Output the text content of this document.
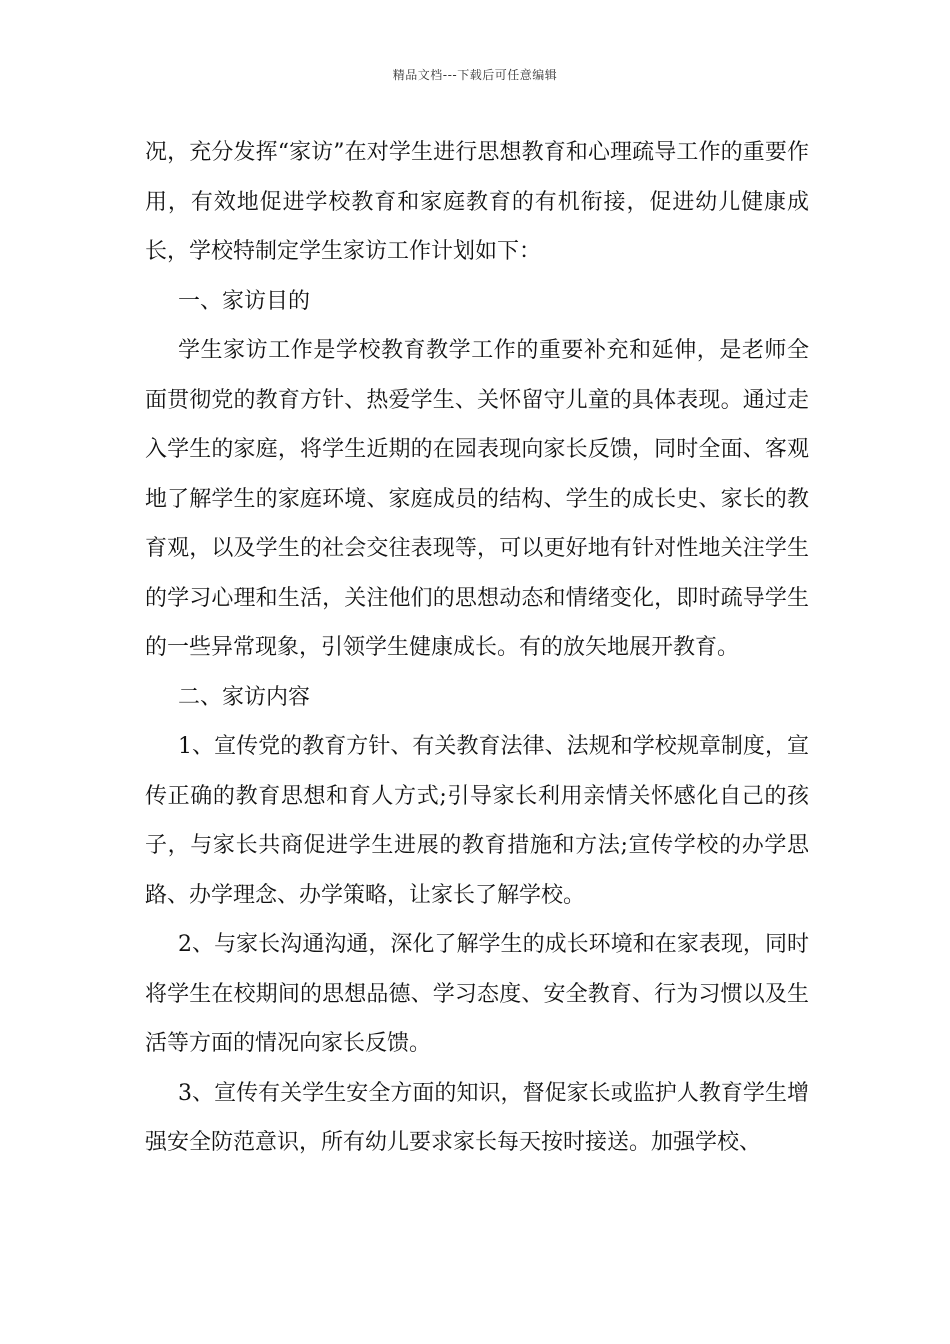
精品文档---下载后可任意编辑

况，充分发挥“家访”在对学生进行思想教育和心理疏导工作的重要作用，有效地促进学校教育和家庭教育的有机衔接，促进幼儿健康成长，学校特制定学生家访工作计划如下：

一、家访目的

学生家访工作是学校教育教学工作的重要补充和延伸，是老师全面贯彻党的教育方针、热爱学生、关怀留守儿童的具体表现。通过走入学生的家庭，将学生近期的在园表现向家长反馈，同时全面、客观地了解学生的家庭环境、家庭成员的结构、学生的成长史、家长的教育观，以及学生的社会交往表现等，可以更好地有针对性地关注学生的学习心理和生活，关注他们的思想动态和情绪变化，即时疏导学生的一些异常现象，引领学生健康成长。有的放矢地展开教育。

二、家访内容

1、宣传党的教育方针、有关教育法律、法规和学校规章制度，宣传正确的教育思想和育人方式;引导家长利用亲情关怀感化自己的孩子，与家长共商促进学生进展的教育措施和方法;宣传学校的办学思路、办学理念、办学策略，让家长了解学校。

2、与家长沟通沟通，深化了解学生的成长环境和在家表现，同时将学生在校期间的思想品德、学习态度、安全教育、行为习惯以及生活等方面的情况向家长反馈。

3、宣传有关学生安全方面的知识，督促家长或监护人教育学生增强安全防范意识，所有幼儿要求家长每天按时接送。加强学校、
